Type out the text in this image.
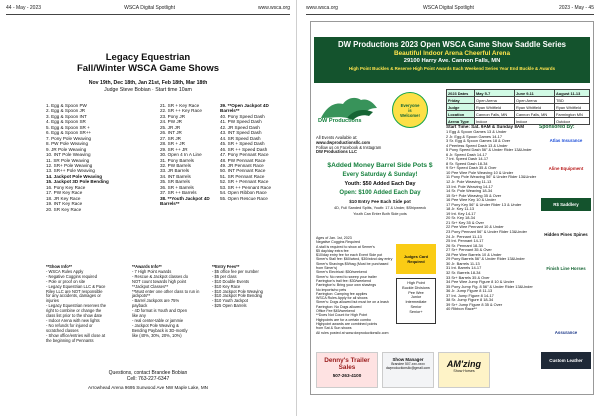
44 - May - 2023	WSCA Digital Spotlight	www.wsca.org
Legacy Equestrian
Fall/Winter WSCA Game Shows
Nov 19th, Dec 18th, Jan 21st, Feb 18th, Mar 18th
Judge Steve Bobian · Start time 10am
1. Egg & Spoon PW
2. Egg & Spoon JR
3. Egg & Spoon INT
4. Egg & Spoon SR
5. Egg & Spoon SR +
6. Egg & Spoon SR++
7. Pony Pole Weaving
8. PW Pole Weaving
9. JR Pole Weaving
10. INT Pole Weaving
11. SR Pole Weaving
12. SR+ Pole Weaving
13. SR++ Pole Weaving
14. Jackpot Pole Weaving
15. Jackpot 3D Pole Bending
16. Pony Key Race
17. PW Key Race
18. JR Key Race
19. INT Key Race
20. SR Key Race
21. SR + Key Race
22. SR ++ Key Race
23. Pony JR
24. PW JR
25. JR JR
26. INT JR
27. SR JR
28. SR + JR
29. SR ++ JR
30. Open 4 In A Line
31. Pony Barrels
32. PW Barrels
33. JR Barrels
34. INT Barrels
35. SR Barrels
36. SR + Barrels
37. SR ++ Barrels
38. **Youth Jackpot 4D
Barrels**
39. **Open Jackpot 4D
Barrels**
40. Pony Speed Dash
41. PW Speed Dash
42. JR Speed Dash
43. INT Speed Dash
44. SR Speed Dash
45. SR + Speed Dash
46. SR ++ Speed Dash
47. Pony Pennant Race
48. PW Pennant Race
49. JR Pennant Race
50. INT Pennant Race
51. SR Pennant Race
52. SR + Pennant Race
53. SR ++ Pennant Race
54. Open Ribbon Race
55. Open Rescue Race
**Show Info**
- WSCA Rules Apply
- Negative Coggins required
- Pole or proof on site
- Legacy Equestrian LLC & Pace
Riley LLC are NOT responsible
for any accidents, damages or
injuries
- Legacy Equestrian reserves the
right to combine or change the
class list prior to the show date
- Indoor Arena with new lights
- No refunds for injured or
scratched classes
- Show office/entries will close at
the beginning of Pennants
**Awards Info**
- 7 High Point Awards
- Rescue & Jackpot classes do
NOT count towards high point
**Jackpot Classes**
**Must enter one other class to run in
jackpots**
- Barrel Jackpots are 75%
payback
- 4D format is Youth and Open
like any
- real center-table or jammie
- Jackpot Pole Weaving &
Bending Payback is 3D-mostly
like (40%, 30%, 20%, 10%)
**Entry Fees**
- $5 office fee per number
- $5 per class
- $10 Double Events
- $10 Key Race
- $10 Jackpot Pole Weaving
- $10 Jackpot Pole Bending
- $10 Youth Jackpot
- $25 Open Barrels
Questions, contact Brandee Bobian
Cell: 763-227-6347
Arrowhead Arena 9695 Sunwood Ave NW Maple Lake, MN
www.wsca.org	WSCA Digital Spotlight	2023 - May - 45
DW Productions 2023 Open WSCA Game Show Saddle Series
Beautiful Indoor Arena Cheerful Arena
29100 Harry Ave. Cannon Falls, MN
High Point Buckles & Reserve High Point Awards Each Weekend Series Year End Buckle & Awards
DW Productions
Everyone
is
Welcome!
All Events Available at:
www.dwproductionsllc.com
Follow us on Facebook & Instagram
DW Productions LLC
$Added Money Barrel Side Pots $
Every Saturday & Sunday!
Youth: $50 Added Each Day
Open: $100 Added Each Day
$10 Entry Fee Each Side pot
4D, Full Sanded Splits, Youth: 17 & Under, $Shipwreck
Youth Can Enter Both Side pots
Ages of Jan. 1st, 2023
Negative Coggins Required
A stall is required to show at Semer's
$5 day/day extra fee
$10/day entry fee for each Event Side pot
Simer's Stall fee: $60/wknd, $30/wknd day entry
Simer's Shavings $9/bag (Must be purchased from Simer's)
Simer's Electrical: $50/weekend
Simer's: No need to sweep your trailer
Farrington's trail fee: $30/weekend
Farrington's: Bring your own shavings
No imports/no pets
Farrington: Camping fee applies
WSCA Rules Apply for all shows
Simer's: Dogs allowed but must be on a leash
Farrington: No Dogs allowed
Office Fee $45/weekend
**Does Not Count for High Point
Highpoints are for a certain combo
Highpoint awards are combined points
from Sat & Sun shows
All rules posted at www.dwproductionsllc.com
Judges Card Required
High Point
Buckle Divisions
Pee Wee
Junior
Intermediate
Senior
Senior+
2023 Dates	May 5-7	June 9-11	August 11-13
Friday	Open Arena	Open Arena	TBD
Judge	Ryan Whitfield	Ryan Whitfield	Ryan Whitfield
Location	Cannon Falls, MN	Cannon Falls, MN	Farmington MN
Arena Type	Indoor	Indoor	Outdoor
Start Time: Sat. 9AM & Sunday 8AM
1 Egg & Spoon Games 13 & Under
2 Jr. Egg & Spoon Games 14-17
3 Sr. Egg & Spoon Games 18 & Over
4 Peerless Speed Dash 13 & Under
5 Pony Speed Dash 56" & Under Rider 13&Under
6 Jr. Speed Dash 14-17
7 Int. Speed Dash 14-17
8 Sr. Speed Dash 18-34
9 Sr+ Speed Dash 35 & Over
10 Pee Wee Pole Weaving 10 & Under
11 Pony Pole Weaving 56" & Under Rider 13&Under
12 Jr. Pole Weaving 11-13
13 Int. Pole Weaving 14-17
14 Sr. Pole Weaving 18-34
15 Sr+ Pole Weaving 35 & Over
16 Pee Wee Key 10 & Under
17 Pony Key 56" & Under Rider 13 & Under
18 Jr. Key 11-13
19 Int. Key 14-17
20 Sr. Key 18-34
21 Sr+ Key 35 & Over
22 Pee Wee Pennant 10 & Under
23 Pony Pennant 56" & Under Rider 13&Under
24 Jr. Pennant 11-13
25 Int. Pennant 14-17
26 Sr. Pennant 18-34
27 Sr+ Pennant 35 & Over
28 Pee Wee Barrels 10 & Under
29 Pony Barrels 56" & Under Rider 13&Under
30 Jr. Barrels 11-13
31 Int. Barrels 14-17
32 Sr. Barrels 18-34
33 Sr+ Barrels 35 & Over
34 Pee Wee Jump Figure 8 10 & Under
35 Pony Jump Fig. 8 56" & Under Rider 13&Under
36 Jr. Jump Figure 8 11-13
37 Int. Jump Figure 8 14-17
38 Sr. Jump Figure 8 18-34
39 Sr+ Jump Figure 8 35 & Over
40 Ribbon Race**
Sponsored By:
Atlas Insurance
Aline Equipment
R$ Saddlery
Hidden Pines Spines
Finish Line Horses
Assurance
Custom Leather
Denny's Trailer Sales
507-263-4100
Show Manager
Brandee 507-xxx-xxxx
dwproductionsllc@gmail.com	AM'zing
Show Horses
